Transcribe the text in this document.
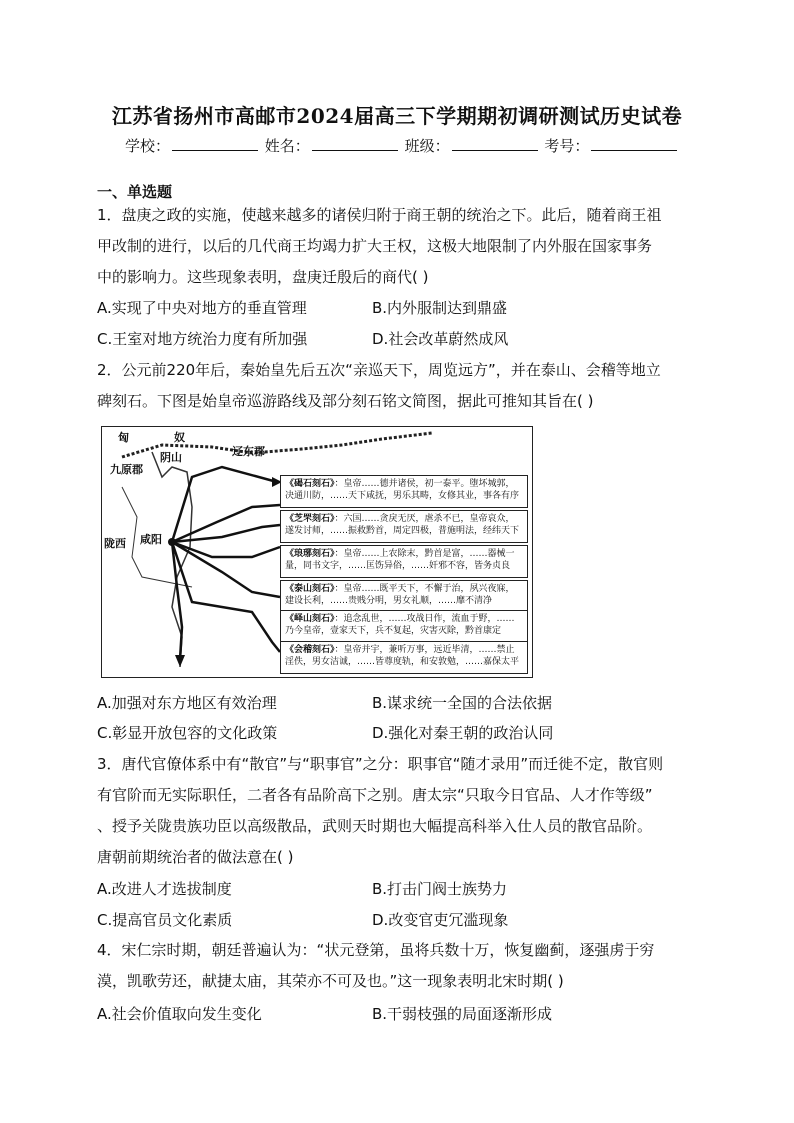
江苏省扬州市高邮市2024届高三下学期期初调研测试历史试卷
学校：	姓名：	班级：	考号：
一、单选题

1．盘庚之政的实施，使越来越多的诸侯归附于商王朝的统治之下。此后，随着商王祖

甲改制的进行，以后的几代商王均竭力扩大王权，这极大地限制了内外服在国家事务

中的影响力。这些现象表明，盘庚迁殷后的商代( )

A.实现了中央对地方的垂直管理	B.内外服制达到鼎盛
C.王室对地方统治力度有所加强	D.社会改革蔚然成风

2．公元前220年后，秦始皇先后五次“亲巡天下，周览远方”，并在泰山、会稽等地立

碑刻石。下图是始皇帝巡游路线及部分刻石铭文简图，据此可推知其旨在( )

匈	奴
阴山	辽东郡
九原郡
咸阳
陇西
《碣石刻石》：皇帝……德并诸侯，初一泰平。堕坏城郭，决通川防，……天下咸抚，男乐其畴，女修其业，事各有序
《芝罘刻石》：六国……贪戾无厌，虐杀不已，皇帝哀众，遂发讨师，……振救黔首，周定四极，普施明法，经纬天下
《琅琊刻石》：皇帝……上农除末，黔首是富，……器械一量，同书文字，……匡饬异俗，……奸邪不容，皆务贞良
《泰山刻石》：皇帝……既平天下，不懈于治，夙兴夜寐，建设长利，……贵贱分明，男女礼顺，……靡不清净
《峄山刻石》：追念乱世，……攻战日作，流血于野，……乃今皇帝，壹家天下，兵不复起，灾害灭除，黔首康定
《会稽刻石》：皇帝并宇，兼听万事，远近毕清，……禁止淫佚，男女洁诚，……皆尊度轨，和安敦勉，……嘉保太平
A.加强对东方地区有效治理	B.谋求统一全国的合法依据
C.彰显开放包容的文化政策	D.强化对秦王朝的政治认同

3．唐代官僚体系中有“散官”与“职事官”之分：职事官“随才录用”而迁徙不定，散官则

有官阶而无实际职任，二者各有品阶高下之别。唐太宗“只取今日官品、人才作等级”

、授予关陇贵族功臣以高级散品，武则天时期也大幅提高科举入仕人员的散官品阶。

唐朝前期统治者的做法意在( )

A.改进人才选拔制度	B.打击门阀士族势力
C.提高官员文化素质	D.改变官吏冗滥现象

4．宋仁宗时期，朝廷普遍认为：“状元登第，虽将兵数十万，恢复幽蓟，逐强虏于穷

漠，凯歌劳还，献捷太庙，其荣亦不可及也。”这一现象表明北宋时期( )

A.社会价值取向发生变化	B.干弱枝强的局面逐渐形成
